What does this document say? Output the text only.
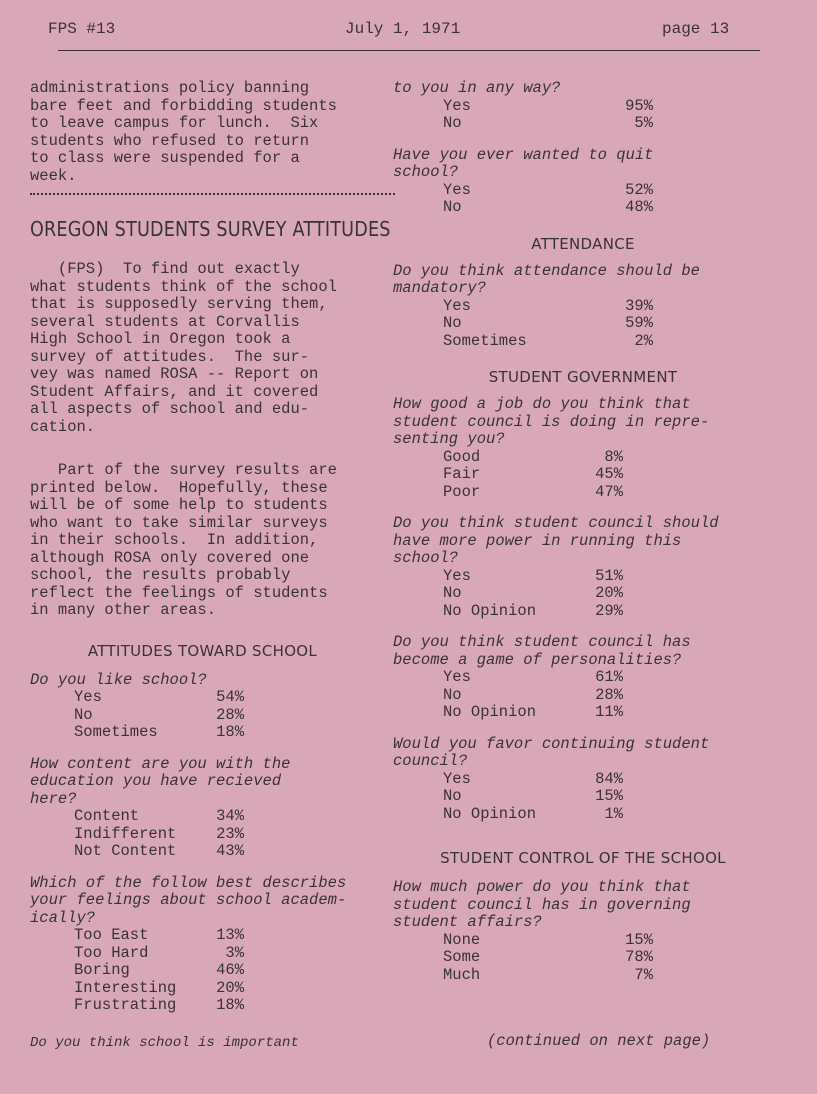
FPS #13	July 1, 1971	page 13
administrations policy banning
bare feet and forbidding students
to leave campus for lunch.  Six
students who refused to return
to class were suspended for a
week.
OREGON STUDENTS SURVEY ATTITUDES
(FPS)  To find out exactly
what students think of the school
that is supposedly serving them,
several students at Corvallis
High School in Oregon took a
survey of attitudes.  The sur-
vey was named ROSA -- Report on
Student Affairs, and it covered
all aspects of school and edu-
cation.
Part of the survey results are
printed below.  Hopefully, these
will be of some help to students
who want to take similar surveys
in their schools.  In addition,
although ROSA only covered one
school, the results probably
reflect the feelings of students
in many other areas.
ATTITUDES TOWARD SCHOOL
Do you like school?
Yes	54%
No	28%
Sometimes	18%
How content are you with the
education you have recieved
here?
Content	34%
Indifferent	23%
Not Content	43%
Which of the follow best describes
your feelings about school academ-
ically?
Too East	13%
Too Hard	3%
Boring	46%
Interesting	20%
Frustrating	18%
Do you think school is important
to you in any way?
Yes	95%
No	5%
Have you ever wanted to quit
school?
Yes	52%
No	48%
ATTENDANCE
Do you think attendance should be
mandatory?
Yes	39%
No	59%
Sometimes	2%
STUDENT GOVERNMENT
How good a job do you think that
student council is doing in repre-
senting you?
Good	8%
Fair	45%
Poor	47%
Do you think student council should
have more power in running this
school?
Yes	51%
No	20%
No Opinion	29%
Do you think student council has
become a game of personalities?
Yes	61%
No	28%
No Opinion	11%
Would you favor continuing student
council?
Yes	84%
No	15%
No Opinion	1%
STUDENT CONTROL OF THE SCHOOL
How much power do you think that
student council has in governing
student affairs?
None	15%
Some	78%
Much	7%
(continued on next page)
